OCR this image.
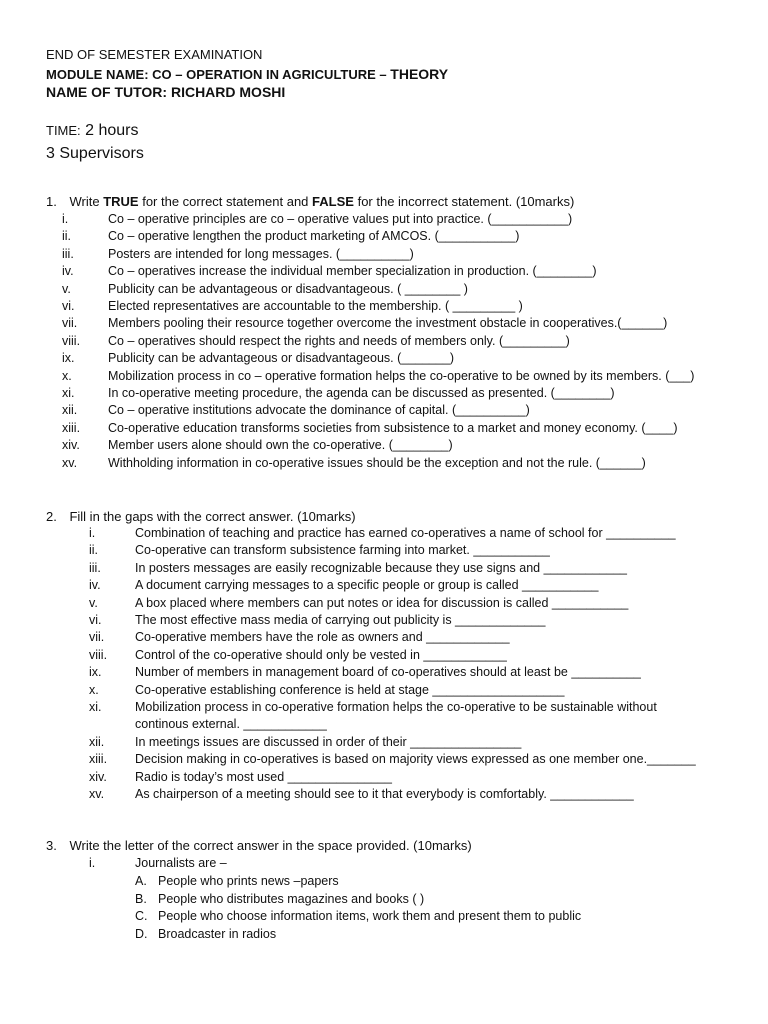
END OF SEMESTER EXAMINATION
MODULE NAME: CO – OPERATION IN AGRICULTURE – THEORY
NAME OF TUTOR: RICHARD MOSHI
TIME: 2 hours
3 Supervisors
1. Write TRUE for the correct statement and FALSE for the incorrect statement. (10marks)
i.	Co – operative principles are co – operative values put into practice. (___________)
ii.	Co – operative lengthen the product marketing of AMCOS. (___________)
iii.	Posters are intended for long messages. (__________)
iv.	Co – operatives increase the individual member specialization in production. (________)
v.	Publicity can be advantageous or disadvantageous. ( ________ )
vi.	Elected representatives are accountable to the membership. ( _________ )
vii. Members pooling their resource together overcome the investment obstacle in cooperatives.(______)
viii. Co – operatives should respect the rights and needs of members only. (_________)
ix.	Publicity can be advantageous or disadvantageous. (_______)
x.	Mobilization process in co – operative formation helps the co-operative to be owned by its members. (___)
xi.	In co-operative meeting procedure, the agenda can be discussed as presented. (________)
xii. Co – operative institutions advocate the dominance of capital. (__________)
xiii. Co-operative education transforms societies from subsistence to a market and money economy. (____)
xiv. Member users alone should own the co-operative. (________)
xv. Withholding information in co-operative issues should be the exception and not the rule. (______)
2. Fill in the gaps with the correct answer. (10marks)
i.	Combination of teaching and practice has earned co-operatives a name of school for __________
ii.	Co-operative can transform subsistence farming into market. ___________
iii.	In posters messages are easily recognizable because they use signs and ____________
iv.	A document carrying messages to a specific people or group is called ___________
v.	A box placed where members can put notes or idea for discussion is called ___________
vi.	The most effective mass media of carrying out publicity is _____________
vii. Co-operative members have the role as owners and ____________
viii. Control of the co-operative should only be vested in ____________
ix.	Number of members in management board of co-operatives should at least be __________
x.	Co-operative establishing conference is held at stage ___________________
xi.	Mobilization process in co-operative formation helps the co-operative to be sustainable without
continous external. ____________
xii. In meetings issues are discussed in order of their ________________
xiii. Decision making in co-operatives is based on majority views expressed as one member one._______
xiv. Radio is today’s most used _______________
xv. As chairperson of a meeting should see to it that everybody is comfortably. ____________
3. Write the letter of the correct answer in the space provided. (10marks)
i.	Journalists are –
A. People who prints news –papers
B. People who distributes magazines and books ( )
C. People who choose information items, work them and present them to public
D. Broadcaster in radios
